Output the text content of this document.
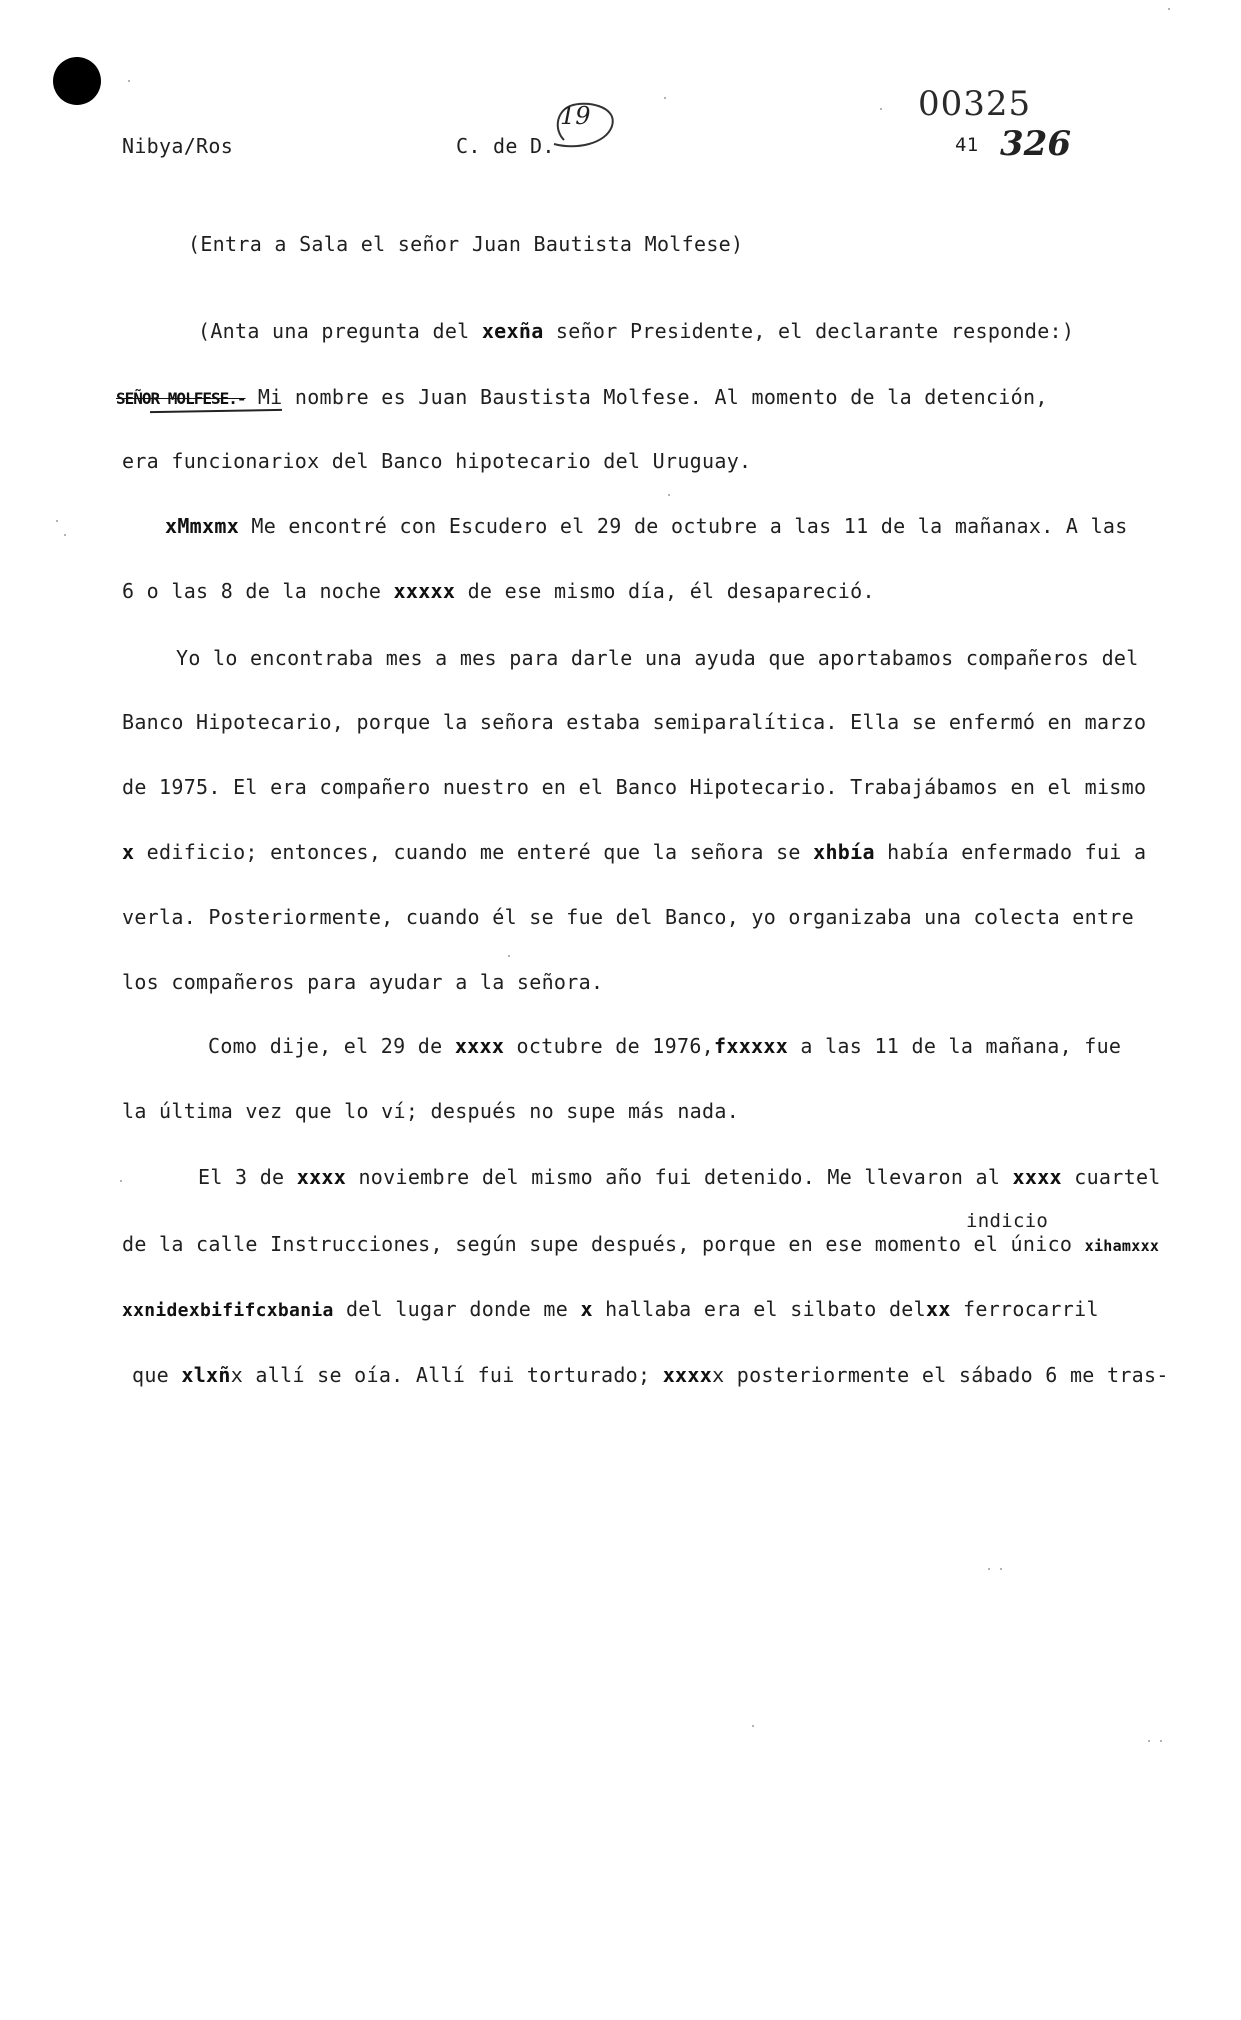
Nibya/Ros	C. de D.
19	00325
41 326
(Entra a Sala el señor Juan Bautista Molfese)
(Anta una pregunta del xexña señor Presidente, el declarante responde:)
SEÑOR MOLFESE.- Mi nombre es Juan Baustista Molfese. Al momento de la detención,
era funcionariox del Banco hipotecario del Uruguay.
xMmxmx Me encontré con Escudero el 29 de octubre a las 11 de la mañanax. A las
6 o las 8 de la noche xxxxx de ese mismo día, él desapareció.
Yo lo encontraba mes a mes para darle una ayuda que aportabamos compañeros del
Banco Hipotecario, porque la señora estaba semiparalítica. Ella se enfermó en marzo
de 1975. El era compañero nuestro en el Banco Hipotecario. Trabajábamos en el mismo
x edificio; entonces, cuando me enteré que la señora se xhbía había enfermado fui a
verla. Posteriormente, cuando él se fue del Banco, yo organizaba una colecta entre
los compañeros para ayudar a la señora.
Como dije, el 29 de xxxx octubre de 1976,fxxxxx a las 11 de la mañana, fue
la última vez que lo ví; después no supe más nada.
El 3 de xxxx noviembre del mismo año fui detenido. Me llevaron al xxxx cuartel
indicio
de la calle Instrucciones, según supe después, porque en ese momento el único xihamxxx
xxnidexbififcxbania del lugar donde me x hallaba era el silbato delxx ferrocarril
que xlxñx allí se oía. Allí fui torturado; xxxxx posteriormente el sábado 6 me tras-
